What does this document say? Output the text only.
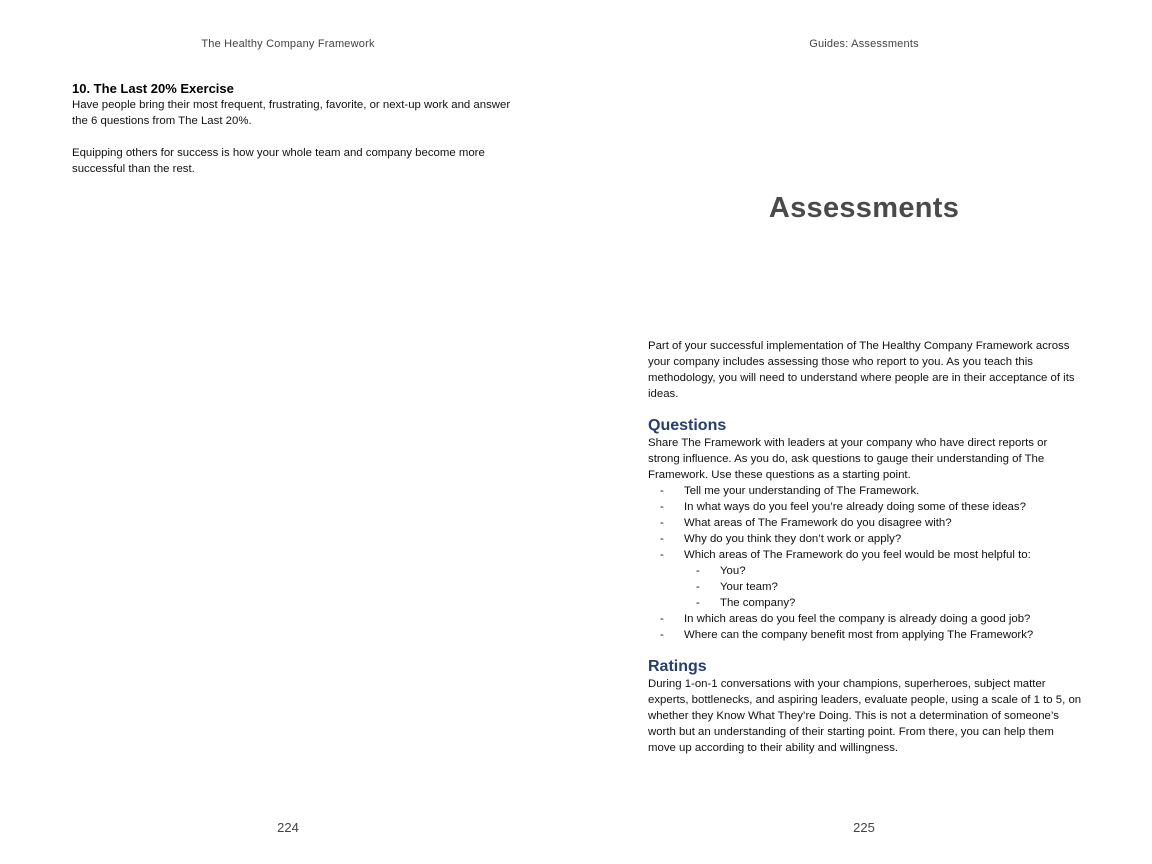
The Healthy Company Framework
10. The Last 20% Exercise

Have people bring their most frequent, frustrating, favorite, or next-up work and answer the 6 questions from The Last 20%.

Equipping others for success is how your whole team and company become more successful than the rest.

224
Guides: Assessments
Assessments

Part of your successful implementation of The Healthy Company Framework across your company includes assessing those who report to you. As you teach this methodology, you will need to understand where people are in their acceptance of its ideas.

Questions

Share The Framework with leaders at your company who have direct reports or strong influence. As you do, ask questions to gauge their understanding of The Framework. Use these questions as a starting point.

- Tell me your understanding of The Framework.
- In what ways do you feel you’re already doing some of these ideas?
- What areas of The Framework do you disagree with?
- Why do you think they don’t work or apply?
- Which areas of The Framework do you feel would be most helpful to:
- You?
- Your team?
- The company?
- In which areas do you feel the company is already doing a good job?
- Where can the company benefit most from applying The Framework?
Ratings

During 1-on-1 conversations with your champions, superheroes, subject matter experts, bottlenecks, and aspiring leaders, evaluate people, using a scale of 1 to 5, on whether they Know What They’re Doing. This is not a determination of someone’s worth but an understanding of their starting point. From there, you can help them move up according to their ability and willingness.

225
